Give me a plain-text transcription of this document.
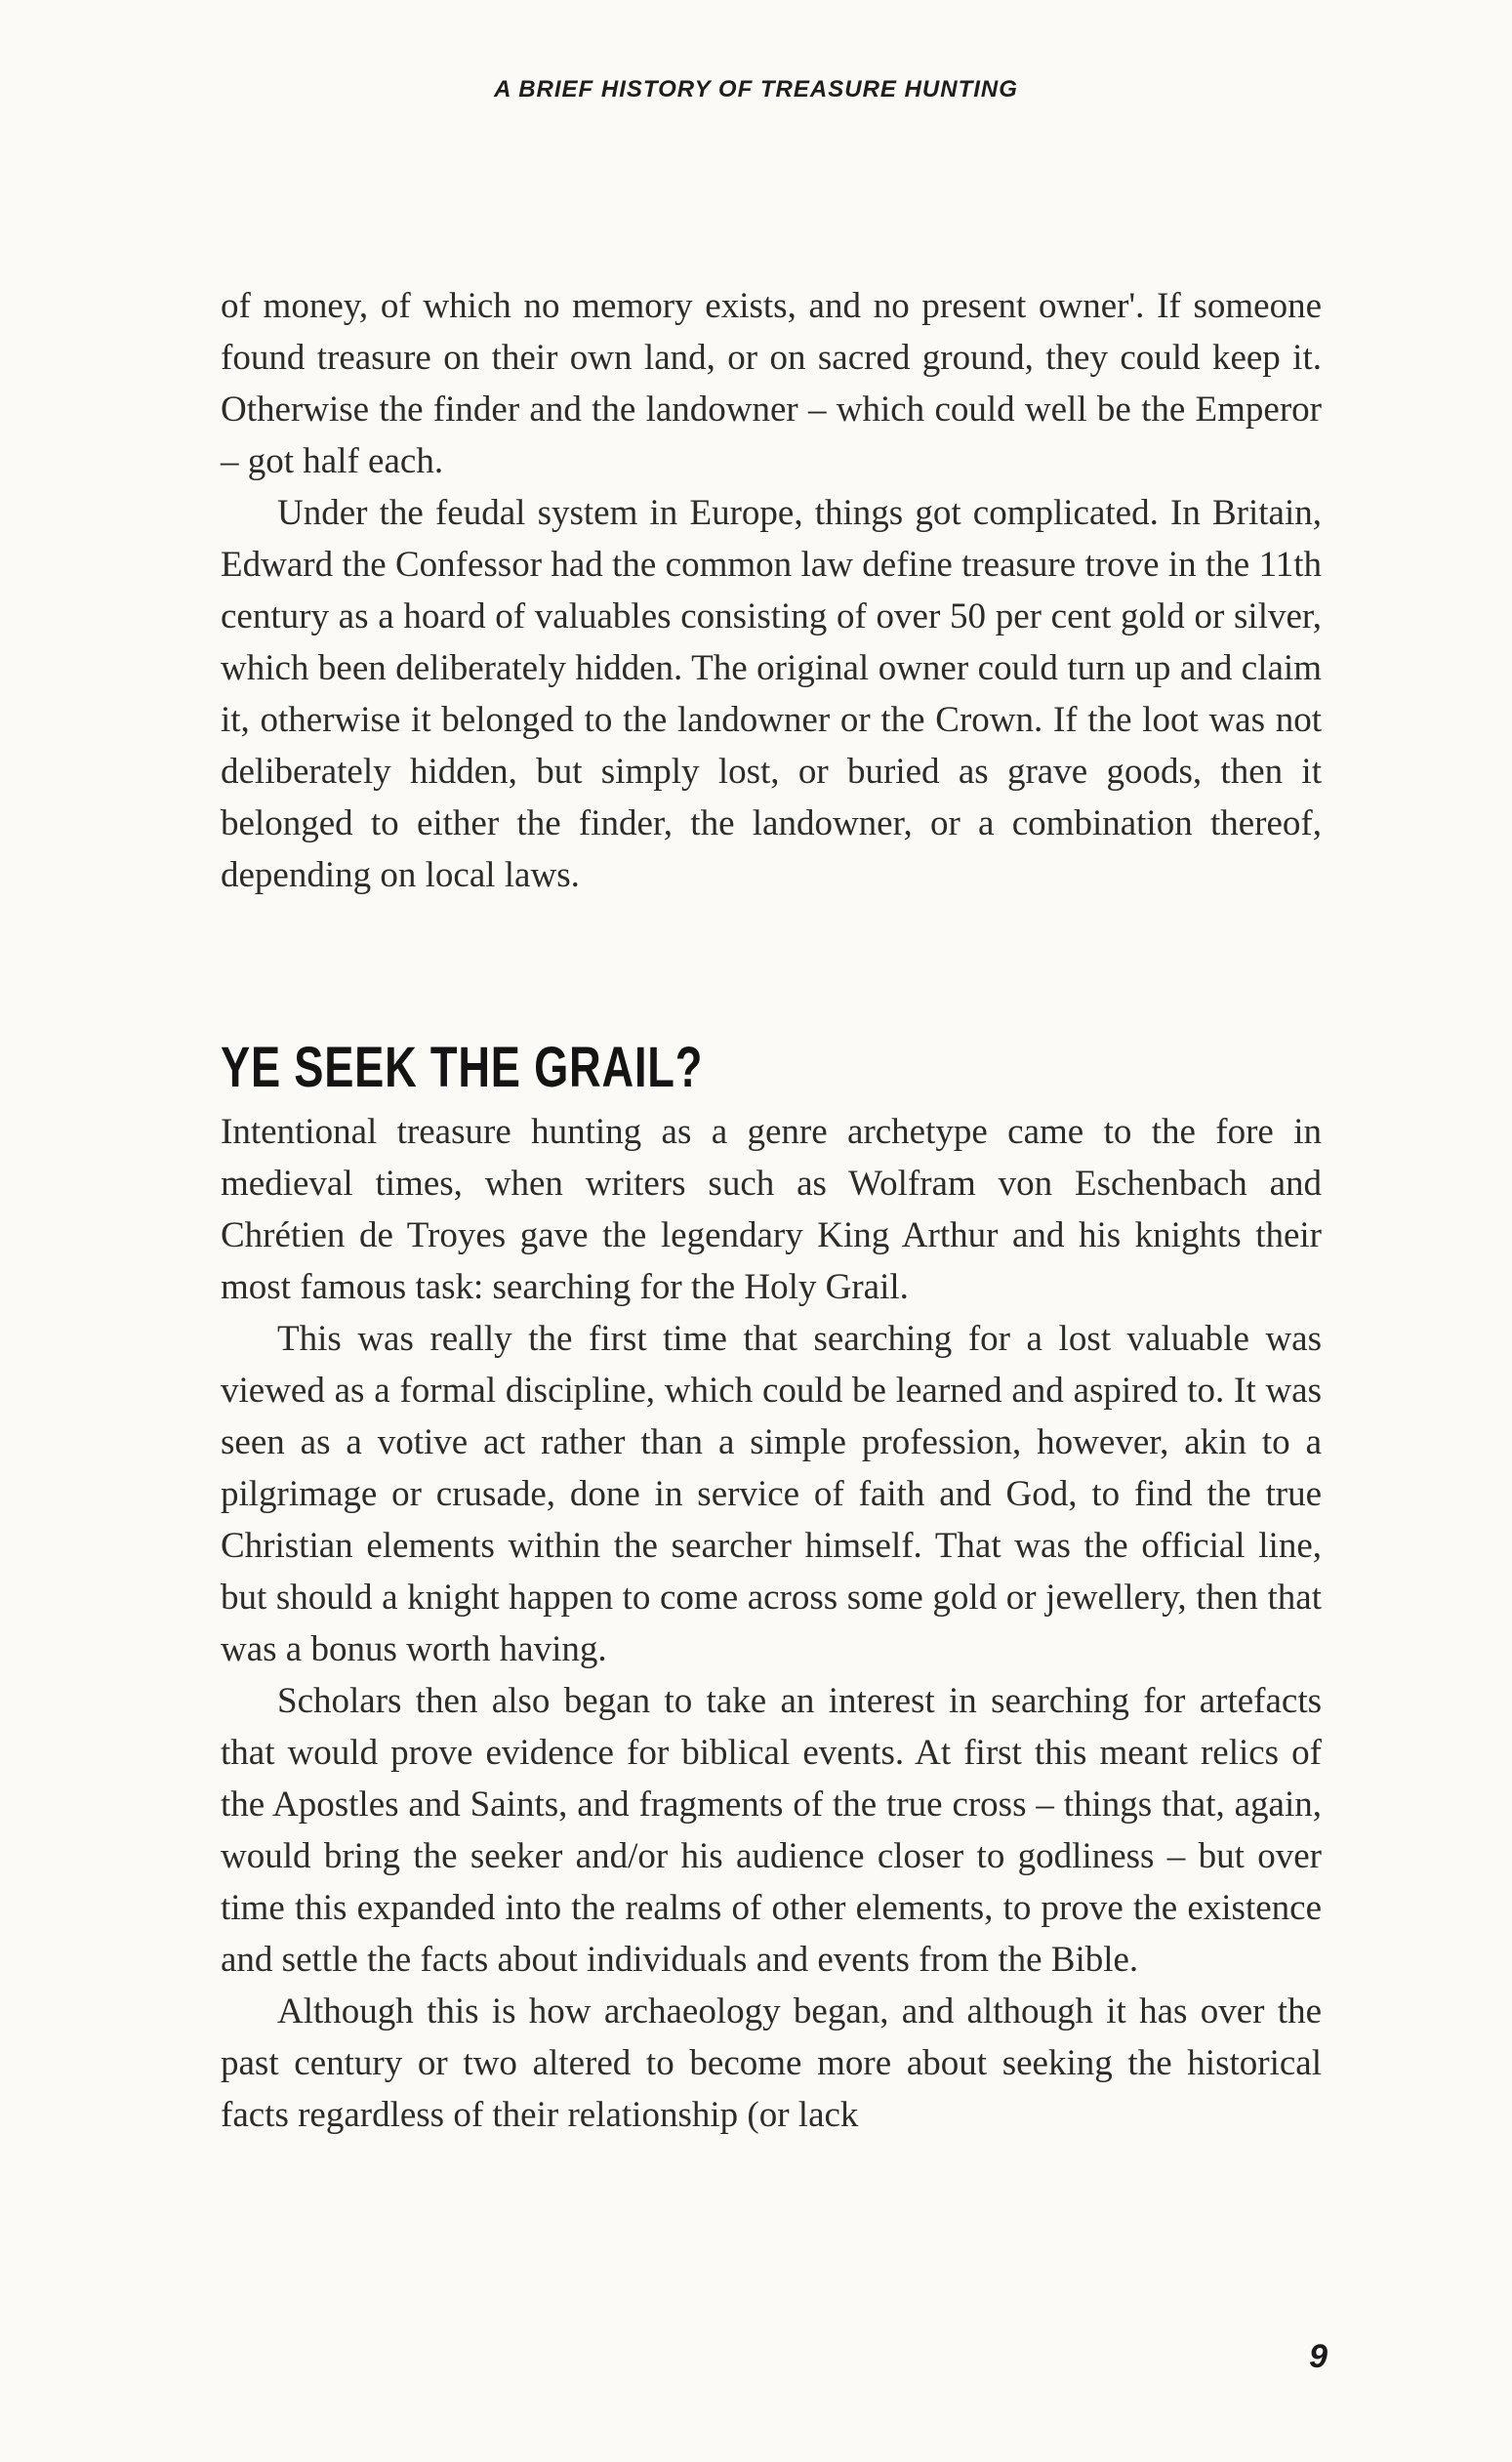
A BRIEF HISTORY OF TREASURE HUNTING

of money, of which no memory exists, and no present owner'. If someone found treasure on their own land, or on sacred ground, they could keep it. Otherwise the finder and the landowner – which could well be the Emperor – got half each.

Under the feudal system in Europe, things got complicated. In Britain, Edward the Confessor had the common law define treasure trove in the 11th century as a hoard of valuables consisting of over 50 per cent gold or silver, which been deliberately hidden. The original owner could turn up and claim it, otherwise it belonged to the landowner or the Crown. If the loot was not deliberately hidden, but simply lost, or buried as grave goods, then it belonged to either the finder, the landowner, or a combination thereof, depending on local laws.

YE SEEK THE GRAIL?

Intentional treasure hunting as a genre archetype came to the fore in medieval times, when writers such as Wolfram von Eschenbach and Chrétien de Troyes gave the legendary King Arthur and his knights their most famous task: searching for the Holy Grail.

This was really the first time that searching for a lost valuable was viewed as a formal discipline, which could be learned and aspired to. It was seen as a votive act rather than a simple profession, however, akin to a pilgrimage or crusade, done in service of faith and God, to find the true Christian elements within the searcher himself. That was the official line, but should a knight happen to come across some gold or jewellery, then that was a bonus worth having.

Scholars then also began to take an interest in searching for artefacts that would prove evidence for biblical events. At first this meant relics of the Apostles and Saints, and fragments of the true cross – things that, again, would bring the seeker and/or his audience closer to godliness – but over time this expanded into the realms of other elements, to prove the existence and settle the facts about individuals and events from the Bible.

Although this is how archaeology began, and although it has over the past century or two altered to become more about seeking the historical facts regardless of their relationship (or lack

9
